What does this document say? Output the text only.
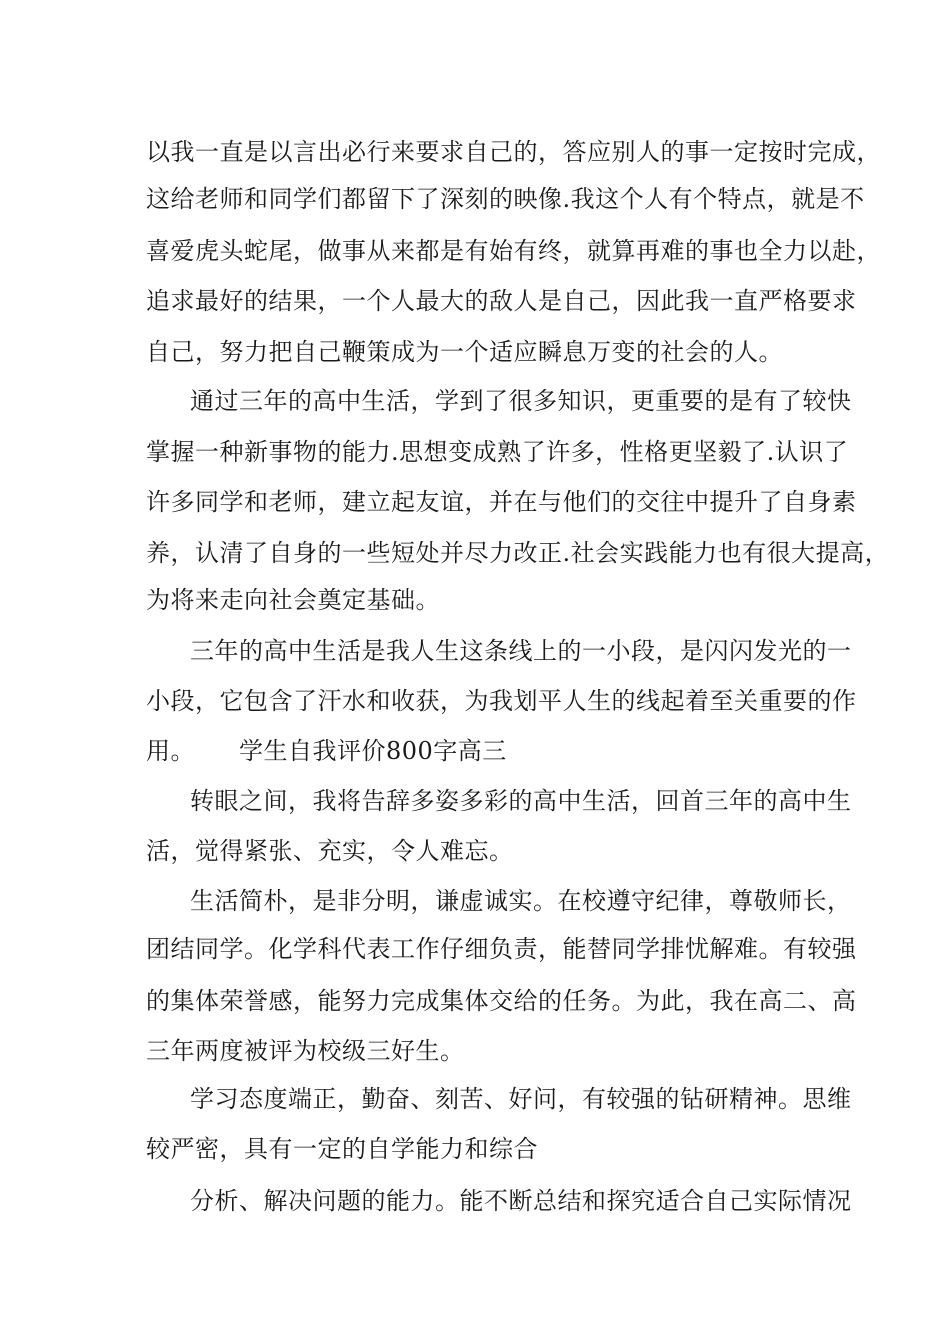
以我一直是以言出必行来要求自己的，答应别人的事一定按时完成，
这给老师和同学们都留下了深刻的映像.我这个人有个特点，就是不
喜爱虎头蛇尾，做事从来都是有始有终，就算再难的事也全力以赴，
追求最好的结果，一个人最大的敌人是自己，因此我一直严格要求
自己，努力把自己鞭策成为一个适应瞬息万变的社会的人。
通过三年的高中生活，学到了很多知识，更重要的是有了较快
掌握一种新事物的能力.思想变成熟了许多，性格更坚毅了.认识了
许多同学和老师，建立起友谊，并在与他们的交往中提升了自身素
养，认清了自身的一些短处并尽力改正.社会实践能力也有很大提高，
为将来走向社会奠定基础。
三年的高中生活是我人生这条线上的一小段，是闪闪发光的一
小段，它包含了汗水和收获，为我划平人生的线起着至关重要的作
用。 学生自我评价800字高三
转眼之间，我将告辞多姿多彩的高中生活，回首三年的高中生
活，觉得紧张、充实，令人难忘。
生活简朴，是非分明，谦虚诚实。在校遵守纪律，尊敬师长，
团结同学。化学科代表工作仔细负责，能替同学排忧解难。有较强
的集体荣誉感，能努力完成集体交给的任务。为此，我在高二、高
三年两度被评为校级三好生。
学习态度端正，勤奋、刻苦、好问，有较强的钻研精神。思维
较严密，具有一定的自学能力和综合
分析、解决问题的能力。能不断总结和探究适合自己实际情况
